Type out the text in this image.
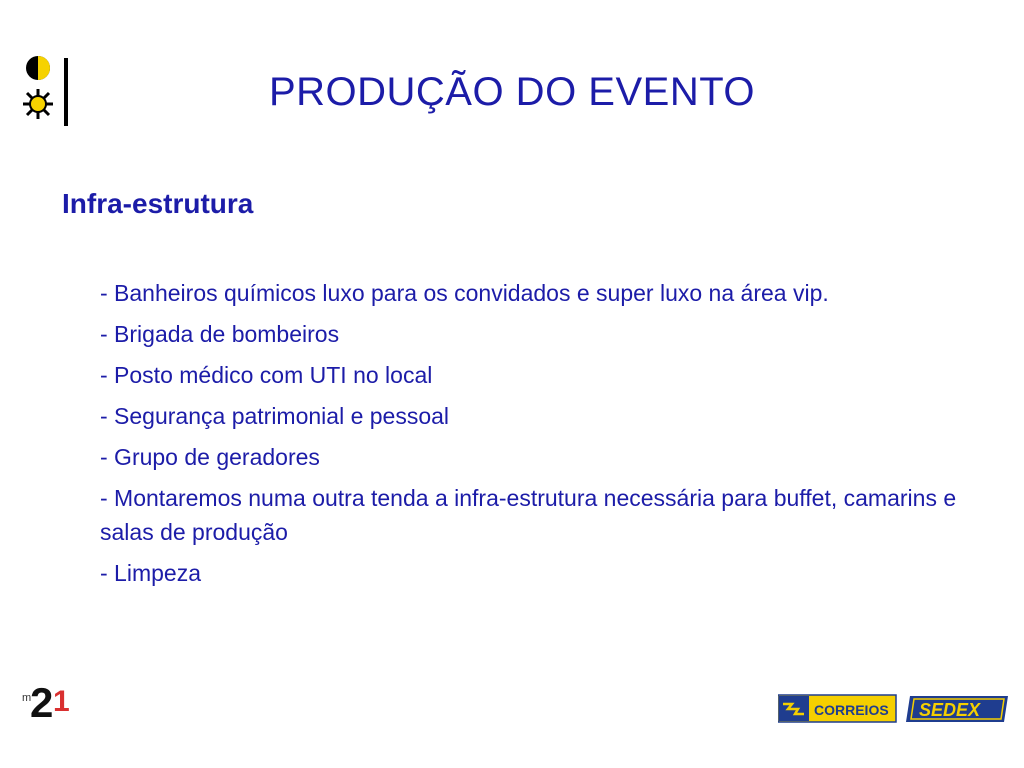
PRODUÇÃO DO EVENTO
Infra-estrutura
- Banheiros químicos luxo para os convidados e super luxo na área vip.
- Brigada de bombeiros
- Posto médico com UTI no local
- Segurança patrimonial e pessoal
- Grupo de geradores
- Montaremos numa outra tenda a infra-estrutura necessária para buffet, camarins e salas de produção
- Limpeza
m
2 1	CORREIOS SEDEX
